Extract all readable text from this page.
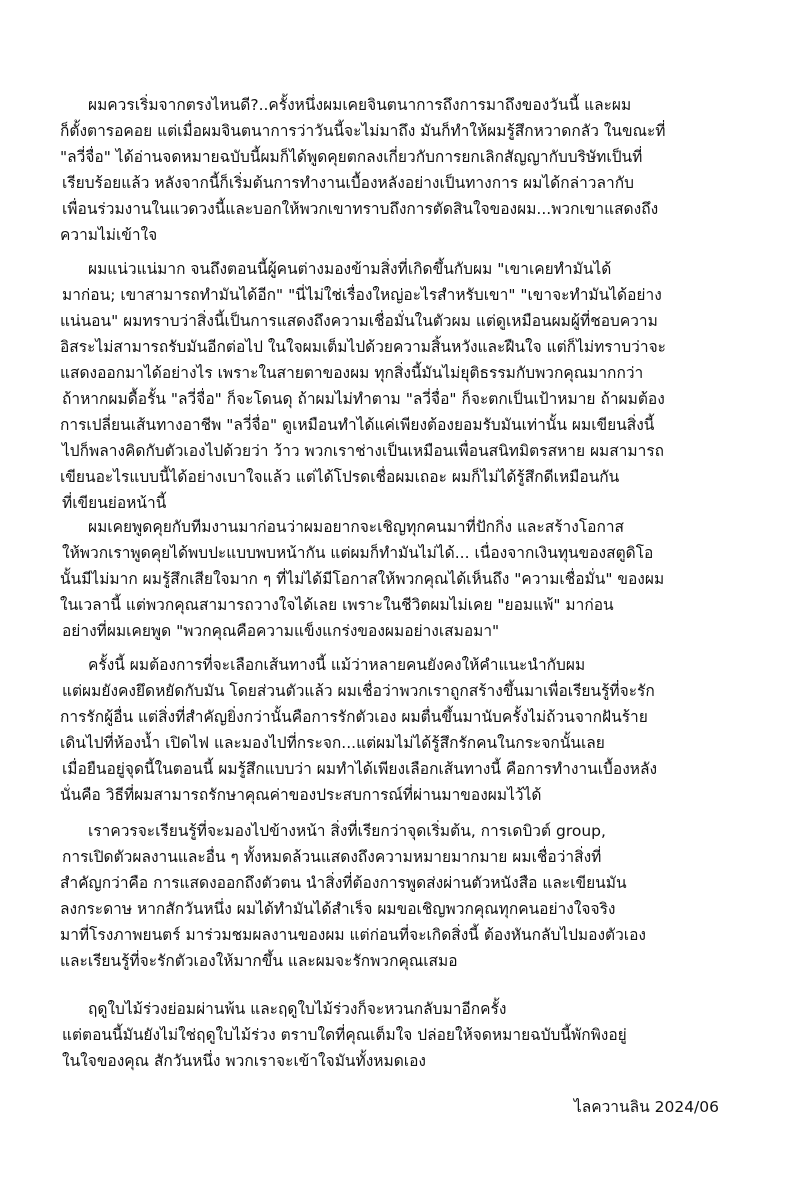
ผมควรเริ่มจากตรงไหนดี?..ครั้งหนึ่งผมเคยจินตนาการถึงการมาถึงของวันนี้ และผม
ก็ตั้งตารอคอย แต่เมื่อผมจินตนาการว่าวันนี้จะไม่มาถึง มันก็ทำให้ผมรู้สึกหวาดกลัว ในขณะที่
"ลวี่จื่อ" ได้อ่านจดหมายฉบับนี้ผมก็ได้พูดคุยตกลงเกี่ยวกับการยกเลิกสัญญากับบริษัทเป็นที่
เรียบร้อยแล้ว หลังจากนี้ก็เริ่มต้นการทำงานเบื้องหลังอย่างเป็นทางการ ผมได้กล่าวลากับ
เพื่อนร่วมงานในแวดวงนี้และบอกให้พวกเขาทราบถึงการตัดสินใจของผม...พวกเขาแสดงถึง
ความไม่เข้าใจ
ผมแน่วแน่มาก จนถึงตอนนี้ผู้คนต่างมองข้ามสิ่งที่เกิดขึ้นกับผม "เขาเคยทำมันได้
มาก่อน; เขาสามารถทำมันได้อีก" "นี่ไม่ใช่เรื่องใหญ่อะไรสำหรับเขา" "เขาจะทำมันได้อย่าง
แน่นอน" ผมทราบว่าสิ่งนี้เป็นการแสดงถึงความเชื่อมั่นในตัวผม แต่ดูเหมือนผมผู้ที่ชอบความ
อิสระไม่สามารถรับมันอีกต่อไป ในใจผมเต็มไปด้วยความสิ้นหวังและฝืนใจ แต่ก็ไม่ทราบว่าจะ
แสดงออกมาได้อย่างไร เพราะในสายตาของผม ทุกสิ่งนี้มันไม่ยุติธรรมกับพวกคุณมากกว่า
ถ้าหากผมดื้อรั้น "ลวี่จื่อ" ก็จะโดนดุ ถ้าผมไม่ทำตาม "ลวี่จื่อ" ก็จะตกเป็นเป้าหมาย ถ้าผมต้อง
การเปลี่ยนเส้นทางอาชีพ "ลวี่จื่อ" ดูเหมือนทำได้แค่เพียงต้องยอมรับมันเท่านั้น ผมเขียนสิ่งนี้
ไปก็พลางคิดกับตัวเองไปด้วยว่า ว้าว พวกเราช่างเป็นเหมือนเพื่อนสนิทมิตรสหาย ผมสามารถ
เขียนอะไรแบบนี้ได้อย่างเบาใจแล้ว แต่ได้โปรดเชื่อผมเถอะ ผมก็ไม่ได้รู้สึกดีเหมือนกัน
ที่เขียนย่อหน้านี้
ผมเคยพูดคุยกับทีมงานมาก่อนว่าผมอยากจะเชิญทุกคนมาที่ปักกิ่ง และสร้างโอกาส
ให้พวกเราพูดคุยได้พบปะแบบพบหน้ากัน แต่ผมก็ทำมันไม่ได้... เนื่องจากเงินทุนของสตูดิโอ
นั้นมีไม่มาก ผมรู้สึกเสียใจมาก ๆ ที่ไม่ได้มีโอกาสให้พวกคุณได้เห็นถึง "ความเชื่อมั่น" ของผม
ในเวลานี้ แต่พวกคุณสามารถวางใจได้เลย เพราะในชีวิตผมไม่เคย "ยอมแพ้" มาก่อน
อย่างที่ผมเคยพูด "พวกคุณคือความแข็งแกร่งของผมอย่างเสมอมา"
ครั้งนี้ ผมต้องการที่จะเลือกเส้นทางนี้ แม้ว่าหลายคนยังคงให้คำแนะนำกับผม
แต่ผมยังคงยึดหยัดกับมัน โดยส่วนตัวแล้ว ผมเชื่อว่าพวกเราถูกสร้างขึ้นมาเพื่อเรียนรู้ที่จะรัก
การรักผู้อื่น แต่สิ่งที่สำคัญยิ่งกว่านั้นคือการรักตัวเอง ผมตื่นขึ้นมานับครั้งไม่ถ้วนจากฝันร้าย
เดินไปที่ห้องน้ำ เปิดไฟ และมองไปที่กระจก...แต่ผมไม่ได้รู้สึกรักคนในกระจกนั้นเลย
เมื่อยืนอยู่จุดนี้ในตอนนี้ ผมรู้สึกแบบว่า ผมทำได้เพียงเลือกเส้นทางนี้ คือการทำงานเบื้องหลัง
นั่นคือ วิธีที่ผมสามารถรักษาคุณค่าของประสบการณ์ที่ผ่านมาของผมไว้ได้
เราควรจะเรียนรู้ที่จะมองไปข้างหน้า สิ่งที่เรียกว่าจุดเริ่มต้น, การเดบิวต์ group,
การเปิดตัวผลงานและอื่น ๆ ทั้งหมดล้วนแสดงถึงความหมายมากมาย ผมเชื่อว่าสิ่งที่
สำคัญกว่าคือ การแสดงออกถึงตัวตน นำสิ่งที่ต้องการพูดส่งผ่านตัวหนังสือ และเขียนมัน
ลงกระดาษ หากสักวันหนึ่ง ผมได้ทำมันได้สำเร็จ ผมขอเชิญพวกคุณทุกคนอย่างใจจริง
มาที่โรงภาพยนตร์ มาร่วมชมผลงานของผม แต่ก่อนที่จะเกิดสิ่งนี้ ต้องหันกลับไปมองตัวเอง
และเรียนรู้ที่จะรักตัวเองให้มากขึ้น และผมจะรักพวกคุณเสมอ
ฤดูใบไม้ร่วงย่อมผ่านพ้น และฤดูใบไม้ร่วงก็จะหวนกลับมาอีกครั้ง
แต่ตอนนี้มันยังไม่ใช่ฤดูใบไม้ร่วง ตราบใดที่คุณเต็มใจ ปล่อยให้จดหมายฉบับนี้พักพิงอยู่
ในใจของคุณ สักวันหนึ่ง พวกเราจะเข้าใจมันทั้งหมดเอง
ไลควานลิน 2024/06
